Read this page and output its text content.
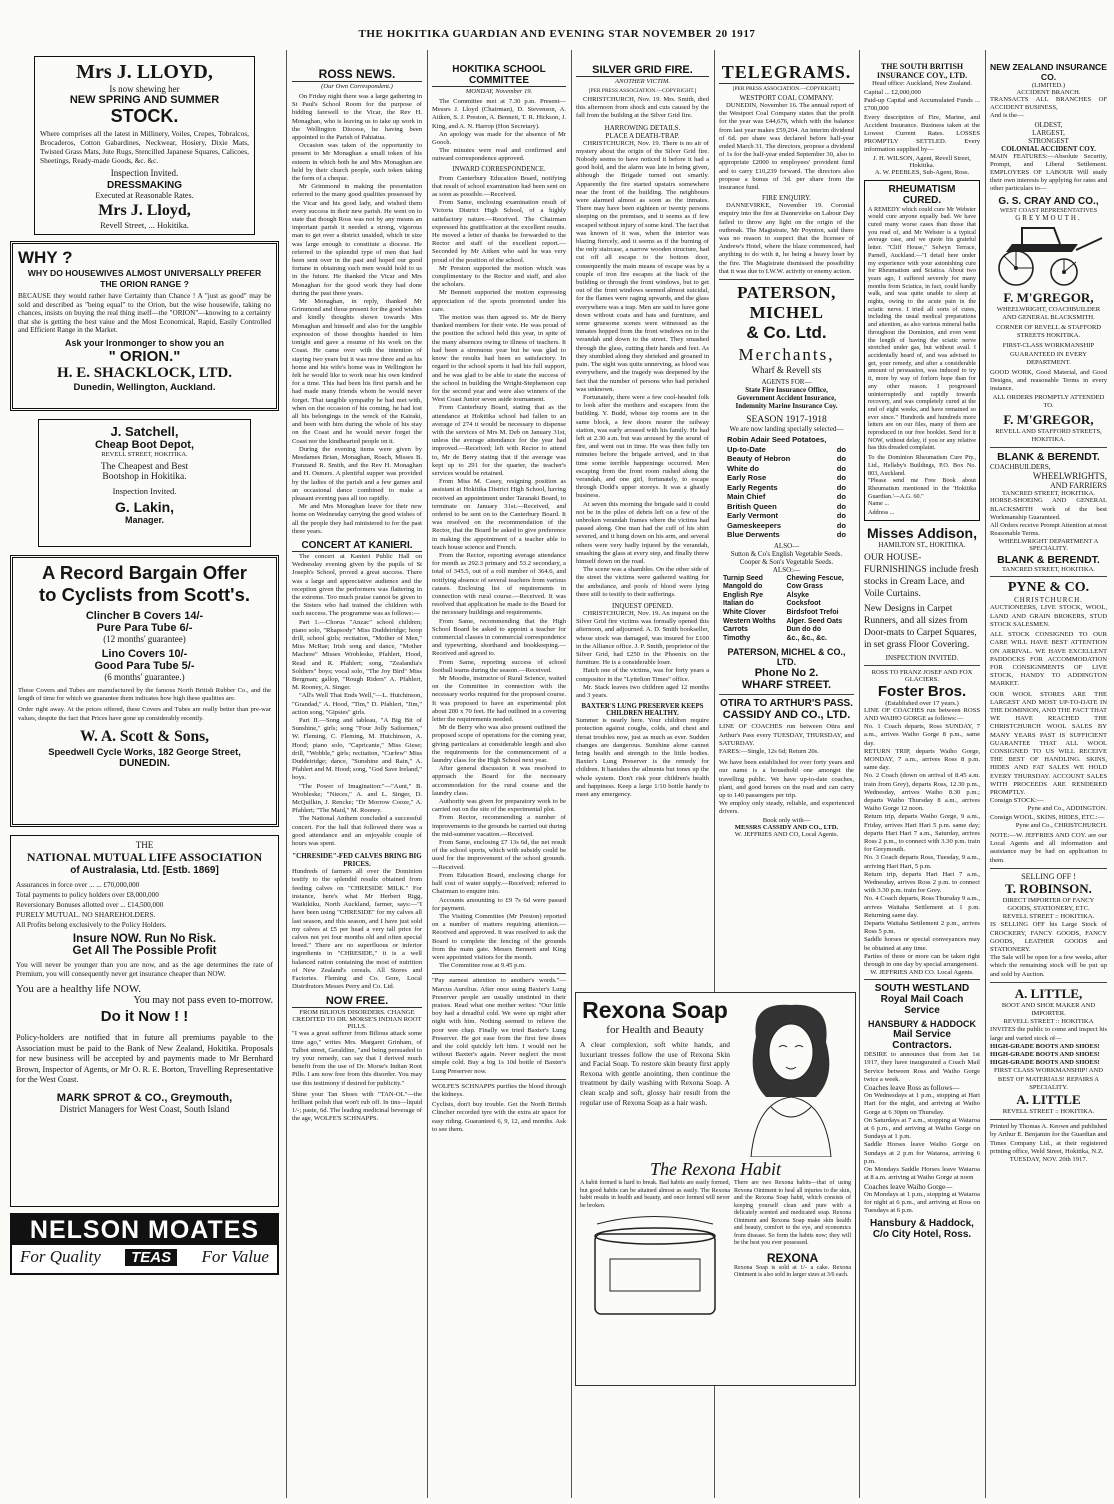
THE HOKITIKA GUARDIAN AND EVENING STAR NOVEMBER 20 1917
Mrs J. LLOYD,
Is now shewing her
NEW SPRING AND SUMMER
STOCK.
Where comprises all the latest in Millinery, Voiles, Crepes, Tobralcos, Brocaderos, Cotton Gabardines, Neckwear, Hosiery, Dixie Mats, Twisted Grass Mats, Jute Rugs, Stencilled Japanese Squares, Calicoes, Sheetings, Ready-made Goods, &c. &c.
Inspection Invited.
DRESSMAKING
Executed at Reasonable Rates.
Mrs J. Lloyd,
Revell Street, ... Hokitika.
WHY ?
WHY DO HOUSEWIVES ALMOST UNIVERSALLY PREFER THE ORION RANGE ?
BECAUSE they would rather have Certainty than Chance ! A "just as good" may be sold and described as "being equal" to the Orion, but the wise housewife, taking no chances, insists on buying the real thing itself—the "ORION"—knowing to a certainty that she is getting the best vaiue and the Most Economical, Rapid, Easily Controlled and Efficient Range in the Market.
Ask your Ironmonger to show you an
" ORION."
H. E. SHACKLOCK, LTD.
Dunedin, Wellington, Auckland.
J. Satchell,
Cheap Boot Depot,
REVELL STREET, HOKITIKA.
The Cheapest and Best
Bootshop in Hokitika.
Inspection Invited.
G. Lakin,
Manager.
A Record Bargain Offer
to Cyclists from Scott's.
Clincher B Covers 14/-
Pure Para Tube 6/-
(12 months' guarantee)
Lino Covers 10/-
Good Para Tube 5/-
(6 months' guarantee.)
These Covers and Tubes are manufactured by the famous North British Rubber Co., and the length of time for which we guarantee them indicates how high these qualities are.
Order right away. At the prices offered, these Covers and Tubes are really better than pre-war values, despite the fact that Prices have gone up considerably recently.
W. A. Scott & Sons,
Speedwell Cycle Works, 182 George Street,
DUNEDIN.
THE
NATIONAL MUTUAL LIFE ASSOCIATION
of Australasia, Ltd. [Estb. 1869]
Assurances in force over ... ... £70,000,000
Total payments to policy holders over £8,000,000
Reversionary Bonuses allotted over ... £14,500,000
PURELY MUTUAL. NO SHAREHOLDERS.
All Profits belong exclusively to the Policy Holders.
Insure NOW. Run No Risk.
Get All The Possible Profit
You will never be younger than you are now, and as the age determines the rate of Premium, you will consequently never get insurance cheaper than NOW.
You are a healthy life NOW.
You may not pass even to-morrow.
Do it Now ! !
Policy-holders are notified that in future all premiums payable to the Association must be paid to the Bank of New Zealand, Hokitika. Proposals for new business will be accepted by and payments made to Mr Bernhard Brown, Inspector of Agents, or Mr O. R. E. Borton, Travelling Representative for the West Coast.
MARK SPROT & CO., Greymouth,
District Managers for West Coast, South Island
NELSON MOATES
For Quality	TEAS	For Value
ROSS NEWS.
(Our Own Correspondent.)

On Friday night there was a large gathering in St Paul's School Room for the purpose of bidding farewell to the Vicar, the Rev H. Monaghan, who is leaving us to take up work in the Wellington Diocese, he having been appointed to the Parish of Pahiatua.

Occasion was taken of the opportunity to present to Mr Monaghan a small token of his esteem in which both he and Mrs Monaghan are held by their church people, such token taking the form of a cheque.

Mr Grimmond in making the presentation referred to the many good qualities possessed by the Vicar and his good lady, and wished them every success in their new parish. He went on to state that though Ross was not by any means an important parish it needed a strong, vigorous man to get over a district unaided, which in size was large enough to constitute a diocese. He referred to the splendid type of men that had been sent over in the past and hoped our good fortune in obtaining such men would hold to us in the future. He thanked the Vicar and Mrs Monaghan for the good work they had done during the past three years.

Mr Monaghan, in reply, thanked Mr Grimmond and those present for the good wishes and kindly thoughts shown towards Mrs Monaghan and himself and also for the tangible expression of those thoughts handed to him tonight and gave a resume of his work on the Coast. He came over with the intention of staying two years but it was now three and as his home and his wife's home was in Wellington he felt he would like to work near his own kindred for a time. This had been his first parish and he had made many friends whom he would never forget. That tangible sympathy he had met with, when on the occasion of his coming, he had lost all his belongings in the wreck of the Kairaki, and been with him during the whole of his stay on the Coast and he would never forget the Coast nor the kindhearted people on it.

During the evening items were given by Mesdames Brian, Monaghan, Roach, Misses B. Franzand R. Smith, and the Rev H. Monaghan and H. Osmers. A plentiful supper was provided by the ladies of the parish and a few games and an occasional dance combined to make a pleasant evening pass all too rapidly.

Mr and Mrs Monaghan leave for their new home on Wednesday carrying the good wishes of all the people they had ministered to for the past three years.

CONCERT AT KANIERI.

The concert at Kanieri Public Hall on Wednesday evening given by the pupils of St Joseph's School, proved a great success. There was a large and appreciative audience and the reception given the performers was flattering in the extreme. Too much praise cannot be given to the Sisters who had trained the children with such success. The programme was as follows:—

Part 1.—Chorus "Anzac" school children; piano solo, "Rhapsody" Miss Duddeiridge; hoop drill, school girls; recitation, "Mother of Men," Miss McRae; Irish song and dance, "Mother Machree" Misses Wrobleske, Pfahlert, Hood, Read and R. Pfahlert; song, "Zealandia's Soldiers" boys; vocal solo, "The Joy Bird" Miss Bergman; gallop, "Rough Riders" A. Pfahlert, M. Rooney, A. Singer.

"All's Well That Ends Well,"—L. Hutchinson, "Grandad," A. Hood, "Tim," D. Pfahlert, "Jim," action song, "Gipsies" girls.

Part II.—Song and tableau, "A Big Bit of Sunshine," girls; song "Four Jolly Sailormen," W. Fleming, C. Fleming, M. Hutchinson, A. Hood; piano solo, "Capricante," Miss Giese; drill, "Wobble," girls; recitation, "Curfew" Miss Duddeiridge; dance, "Sunshine and Rain," A. Pfahlert and M. Hood; song, "God Save Ireland," boys.

"The Power of Imagination:"—"Aunt," B. Wrobleske; "Nieces," A. and L. Singer, D. McQuilkin, J. Rencke; "Dr Morrow Cooze," A. Pfahlert; "The Maid," M. Rooney.

The National Anthem concluded a successful concert. For the ball that followed there was a good attendance and an enjoyable couple of hours was spent.

"CHRESIDE"-FED CALVES BRING BIG PRICES.
Hundreds of farmers all over the Dominion testify to the splendid results obtained from feeding calves on "CHRESIDE MILK." For instance, here's what Mr Herbert Rigg, Waikikiku, North Auckland, farmer, says:—"I have been using "CHRESIDE" for my calves all last season, and this season, and I have just sold my calves at £5 per head a very tall price for calves not yet four months old and often special breed." There are no superfluous or inferior ingredients in "CHRESIDE," it is a well balanced ration containing the most of nutrition of New Zealand's cereals. All Stores and Factories. Fleming and Co. Gore, Local Distributors Messrs Perry and Co. Ltd.
NOW FREE.
FROM BILIOUS DISORDERS. CHANGE CREDITED TO DR. MORSE'S INDIAN ROOT PILLS.
"I was a great sufferer from Bilious attack some time ago," writes Mrs. Margaret Grinham, of Talbot street, Geraldine, "and being persuaded to try your remedy, can say that I derived much benefit from the use of Dr. Morse's Indian Root Pills. I am now free from this disorder. You may use this testimony if desired for publicity."
Shine your Tan Shoes with "TAN-OL"—the brilliant polish that won't rub off. In tins—liquid 1/-; paste, 6d. The leading medicinal beverage of the age, WOLFE'S SCHNAPPS.
HOKITIKA SCHOOL COMMITTEE
MONDAY, November 19.

The Committee met at 7.30 p.m. Present—Messrs J. Lloyd (Chairman), D. Stevenson, A. Aitken, S. J. Preston, A. Bennett, T. R. Hickson, J. King, and A. N. Harrop (Hon Secretary).

An apology was made for the absence of Mr Gooch.

The minutes were read and confirmed and outward correspondence approved.

INWARD CORRESPONDENCE.

From Canterbury Education Board, notifying that result of school examination had been sent on as soon as possible.—Received.

From Same, enclosing examination result of Victoria District High School, of a highly satisfactory nature.—Received. The Chairman expressed his gratification at the excellent results. He moved a letter of thanks be forwarded to the Rector and staff of the excellent report.—Seconded by Mr Aitken who said he was very proud of the position of the school.

Mr Preston supported the motion which was complimentary to the Rector and staff, and also the scholars.

Mr Bennett supported the motion expressing appreciation of the sports promoted under his care.

The motion was then agreed to. Mr de Berry thanked members for their vote. He was proud of the position the school held this year, in spite of the many absences owing to illness of teachers. It had been a strenuous year but he was glad to know the results had been so satisfactory. In regard to the school sports it had his full support, and he was glad to be able to state the success of the school in building the Wright-Stephenson cup for the second year and were also winners of the West Coast Junior seven aside tournament.

From Canterbury Board, stating that as the attendance at Hokitika school had fallen to an average of 274 it would be necessary to dispense with the services of Mrs M. Deb on January 31st, unless the average attendance for the year had improved.—Received; left with Rector to attend to, Mr de Berry stating that if the average was kept up to 291 for the quarter, the teacher's services would be retained.

From Miss M. Casey, resigning position as assistant at Hokitika District High School, having received an appointment under Taranaki Board, to terminate on January 31st.—Received, and ordered to be sent on to the Canterbury Board. It was resolved on the recommendation of the Rector, that the Board be asked to give preference in making the appointment of a teacher able to teach house science and French.

From the Rector, reporting average attendance for month as 292.3 primary and 53.2 secondary, a total of 345.5, out of a roll number of 364.6, and notifying absence of several teachers from various causes. Enclosing list of requirements in connection with rural course.—Received. It was resolved that application be made to the Board for the necessary buildings and requirements.

From Same, recommending that the High School Board be asked to appoint a teacher for commercial classes in commercial correspondence and typewriting, shorthand and bookkeeping.—Received and agreed to.

From Same, reporting success of school football teams during the season.—Received.

Mr Moodie, instructor of Rural Science, waited on the Committee in connection with the necessary works required for the proposed course. It was proposed to have an experimental plot about 200 x 70 feet. He had outlined in a covering letter the requirements needed.

Mr de Berry who was also present outlined the proposed scope of operations for the coming year, giving particulars at considerable length and also the requirements for the commencement of a laundry class for the High School next year.

After general discussion it was resolved to approach the Board for the necessary accommodation for the rural course and the laundry class.

Authority was given for preparatory work to be carried out on the site of the experimental plot.

From Rector, recommending a number of improvements to the grounds be carried out during the mid-summer vacation.—Received.

From Same, enclosing £7 13s 6d, the net result of the school sports, which with subsidy could be used for the improvement of the school grounds.—Received.

From Education Board, enclosing charge for half cost of water supply.—Received; referred to Chairman to enquire into.

Accounts amounting to £9 7s 6d were passed for payment.

The Visiting Committee (Mr Preston) reported on a number of matters requiring attention.—Received and approved. It was resolved to ask the Board to complete the fencing of the grounds from the main gate. Messrs Bennett and King were appointed visitors for the month.

The Committee rose at 9.45 p.m.

"Pay earnest attention to another's words."—Marcus Aurelius. After once using Baxter's Lung Preserver people are usually unstinted in their praises. Read what one mother writes: "Our little boy had a dreadful cold. We were up night after night with him. Nothing seemed to relieve the poor wee chap. Finally we tried Baxter's Lung Preserver. He got ease from the first few doses and the cold quickly left him. I would not be without Baxter's again. Never neglect the most simple cold. Buy a big 1s 10d bottle of Baxter's Lung Preserver now.
WOLFE'S SCHNAPPS purifies the blood through the kidneys.
Cyclists, don't buy trouble. Get the North British Clincher recorded tyre with the extra air space for easy riding. Guaranteed 6, 9, 12, and months. Ask to see them.
SILVER GRID FIRE.
ANOTHER VICTIM.
[PER PRESS ASSOCIATION.—COPYRIGHT.]

CHRISTCHURCH, Nov. 19. Mrs. Smith, died this afternoon from shock and cuts caused by the fall from the building at the Silver Grid fire.

HARROWING DETAILS.
PLACE A DEATH-TRAP.

CHRISTCHURCH, Nov. 19. There is no air of mystery about the origin of the Silver Grid fire. Nobody seems to have noticed it before it had a good hold, and the alarm was late in being given, although the Brigade turned out smartly. Apparently the fire started upstairs somewhere near the front of the building. The neighbours were alarmed almost as soon as the inmates. There may have been eighteen or twenty persons sleeping on the premises, and it seems as if few escaped without injury of some kind. The fact that was known of it was, when the interior was blazing fiercely, and it seems as if the burning of the only staircase, a narrow wooden structure, had cut off all escape to the bottom door, consequently the main means of escape was by a couple of iron fire escapes at the back of the building or through the front windows, but to get out of the front windows seemed almost suicidal, for the flames were raging upwards, and the glass everywhere was a trap. Men are said to have gone down without coats and hats and furniture, and some gruesome scenes were witnessed as the inmates hopped from the front windows on to the verandah and down to the street. They smashed through the glass, cutting their hands and feet. As they stumbled along they shrieked and groaned in pain. The sight was quite unnerving, as blood was everywhere, and the tragedy was deepened by the fact that the number of persons who had perished was unknown.

Fortunately, there were a few cool-headed folk to look after the mothers and escapers from the building. Y. Budd, whose top rooms are in the same block, a few doors nearer the railway station, was early aroused with his family. He had left at 2.30 a.m. but was aroused by the sound of fire, and went out in time. He was then fully ten minutes before the brigade arrived, and in that time some terrible happenings occurred. Men escaping from the front room rushed along the verandah, and one girl, fortunately, to escape through Dodd's upper storeys. It was a ghastly business.

At seven this morning the brigade said it could not be in the piles of debris left on a few of the unbroken verandah frames where the victims had passed along. One man had the cuff of his shirt severed, and it hung down on his arm, and several others were very badly injured by the verandah, smashing the glass at every step, and finally threw himself down on the road.

The scene was a shambles. On the other side of the street the victims were gathered waiting for the ambulance, and pools of blood were lying there still to testify to their sufferings.

INQUEST OPENED.

CHRISTCHURCH, Nov. 19. An inquest on the Silver Grid fire victims was formally opened this afternoon, and adjourned. A. D. Smith bookseller, whose stock was damaged, was insured for £100 in the Alliance office. J. P. Smith, proprietor of the Silver Grid, had £250 in the Phoenix on the furniture. He is a considerable loser.

Hatch one of the victims, was for forty years a compositor in the "Lyttelton Times" office.

Mr. Stack leaves two children aged 12 months and 3 years.

BAXTER'S LUNG PRESERVER KEEPS CHILDREN HEALTHY.
Summer is nearly here. Your children require protection against coughs, colds, and chest and throat troubles now, just as much as ever. Sudden changes are dangerous. Sunshine alone cannot bring health and strength to the little bodies. Baxter's Lung Preserver is the remedy for children. It banishes the ailments but tones up the whole system. Don't risk your children's health and happiness. Keep a large 1/10 bottle handy to meet any emergency.
TELEGRAMS.
[PER PRESS ASSOCIATION.—COPYRIGHT.]
WESTPORT COAL COMPANY.

DUNEDIN, November 16. The annual report of the Westport Coal Company states that the profit for the year was £44,676, which with the balance from last year makes £59,204. An interim dividend of 6d. per share was declared before half-year ended March 31. The directors, propose a dividend of 1s for the half-year ended September 30, also to appropriate £2000 to employees' provident fund and to carry £10,239 forward. The directors also propose a bonus of 3d. per share from the insurance fund.

FIRE ENQUIRY.

DANNEVIRKE, November 19. Coronial enquiry into the fire at Dannevirke on Labour Day failed to throw any light on the origin of the outbreak. The Magistrate, Mr Poynton, said there was no reason to suspect that the licensee of Andrew's Hotel, where the blaze commenced, had anything to do with it, he being a heavy loser by the fire. The Magistrate dismissed the possibility that it was due to I.W.W. activity or enemy action.

PATERSON, MICHEL
& Co. Ltd.
Merchants,
Wharf & Revell sts
AGENTS FOR—
State Fire Insurance Office,
Government Accident Insurance,
Indemnity Marine Insurance Coy.
SEASON 1917-1918
We are now landing specially selected—
Robin Adair Seed Potatoes,
Up-to-Date	do
Beauty of Hebron	do
White do	do
Early Rose	do
Early Regents	do
Main Chief	do
British Queen	do
Early Vermont	do
Gameskeepers	do
Blue Derwents	do
ALSO—
Sutton & Co's English Vegetable Seeds.
Cooper & Son's Vegetable Seeds.
ALSO:—
Turnip Seed	Chewing Fescue,
Mangold do	Cow Grass
English Rye	Alsyke
Italian do	Cocksfoot
White Clover	Birdsfoot Trefoi
Western Wolths	Alger. Seed Oats
Carrots	Dun do do
Timothy	&c., &c., &c.
PATERSON, MICHEL & CO., LTD.
Phone No 2.
WHARF STREET.
OTIRA TO ARTHUR'S PASS.
CASSIDY AND CO., LTD.
LINE OF COACHES run between Otira and Arthur's Pass every TUESDAY, THURSDAY, and SATURDAY.
FARES:—Single, 12s 6d; Return 20s.
We have been established for over forty years and our name is a household one amongst the travelling public. We have up-to-date coaches, plant, and good horses on the road and can carry up to 140 passengers per trip.
We employ only steady, reliable, and experienced drivers.
Book only with—
MESSRS CASSIDY AND CO., LTD.
W. JEFFRIES AND CO, Local Agents.
Rexona Soap
for Health and Beauty
A clear complexion, soft white hands, and luxuriant tresses follow the use of Rexona Skin and Facial Soap. To restore skin beauty first apply Rexona with gentle anointing, then continue the treatment by daily washing with Rexona Soap. A clean scalp and soft, glossy hair result from the regular use of Rexona Soap as a hair wash.
The Rexona Habit
A habit formed is hard to break. Bad habits are easily formed, but good habits can be attained almost as easily. The Rexona habit results in health and beauty, and once formed will never be broken.
There are two Rexona habits—that of using Rexona Ointment to heal all injuries to the skin, and the Rexona Soap habit, which consists of keeping yourself clean and pure with a delicately scented and medicated soap. Rexona Ointment and Rexona Soap make skin health and beauty, comfort to the eye, and economics from disease. So form the habits now; they will be the best you ever possessed.
REXONA
Rexona Soap is sold at 1/- a cake. Rexona Ointment is also sold in larger sizes at 3/6 each.
THE SOUTH BRITISH INSURANCE COY., LTD.
Head office: Auckland, New Zealand.
Capital ... £2,000,000
Paid-up Capital and Accumulated Funds ... £700,000
Every description of Fire, Marine, and Accident Insurance. Business taken at the Lowest Current Rates. LOSSES PROMPTLY SETTLED. Every information supplied by—
J. H. WILSON, Agent, Revell Street, Hokitika.
A. W. PEEBLES, Sub-Agent, Ross.
RHEUMATISM CURED.
A REMEDY which could cure Mr Webster would cure anyone equally bad. We have cured many worse cases than those that you read of, and Mr Webster is a typical average case, and we quote his grateful letter. "Cliff House," Selwyn Terrace, Parnell, Auckland.—"I detail here under my experience with your astonishing cure for Rheumatism and Sciatica. About two years ago, I suffered severely for many months from Sciatica, in fact, could hardly walk, and was quite unable to sleep at nights, owing to the acute pain in the sciatic nerve. I tried all sorts of cures, including the usual medical preparations and attention, as also various mineral baths throughout the Dominion, and even went the length of having the sciatic nerve stretched under gas, but without avail. I accidentally heard of, and was advised to get, your remedy, and after a considerable amount of persuasion, was induced to try it, more by way of forlorn hope than for any other reason. I progressed uninterruptedly and rapidly towards recovery, and was completely cured at the end of eight weeks, and have remained so ever since." Hundreds and hundreds more letters are on our files, many of them are reproduced in our free booklet. Send for it NOW, without delay, if you or any relative has this dreaded complaint.
To the Dominion Rheumatism Cure Pty., Ltd., Hellaby's Buildings, P.O. Box No. 803, Auckland.
"Please send me Free Book about Rheumatism mentioned in the 'Hokitika Guardian.'—A.G. 60."
Name ...
Address ...
Misses Addison,
HAMILTON ST., HOKITIKA.
OUR HOUSE-FURNISHINGS include fresh stocks in Cream Lace, and Voile Curtains.
New Designs in Carpet Runners, and all sizes from Door-mats to Carpet Squares, in set grass Floor Covering.
INSPECTION INVITED.
ROSS TO FRANZ JOSEF AND FOX GLACIERS.
Foster Bros.
(Established over 17 years.)
LINE OF COACHES run between ROSS AND WAIHO GORGE as follows:—
No. 1 Coach departs, Ross SUNDAY, 7 a.m., arrives Waiho Gorge 8 p.m., same day.
RETURN TRIP, departs Waiho Gorge, MONDAY, 7 a.m., arrives Ross 8 p.m. same day.
No. 2 Coach (down on arrival of 8.45 a.m. train from Grey), departs Ross, 12.30 p.m., Wednesday, arrives Waiho 8.30 p.m.; departs Waiho Thursday 8 a.m., arrives Waiho Gorge 12 noon.
Return trip, departs Waiho Gorge, 9 a.m., Friday, arrives Hari Hari 5 p.m. same day; departs Hari Hari 7 a.m., Saturday, arrives Ross 2 p.m., to connect with 3.30 p.m. train for Greymouth.
No. 3 Coach departs Ross, Tuesday, 9 a.m., arriving Hari Hari, 5 p.m.
Return trip, departs Hari Hari 7 a.m., Wednesday, arrives Ross 2 p.m. to connect with 3.30 p.m. train for Grey.
No. 4 Coach departs, Ross Thursday 9 a.m., arrives Waitaha Settlement at 1 p.m. Returning same day.
Departs Waitaha Settlement 2 p.m., arrives Ross 5 p.m.
Saddle horses or special conveyances may be obtained at any time.
Parties of three or more can be taken right through in one day by special arrangement.
W. JEFFRIES AND CO. Local Agents.
SOUTH WESTLAND
Royal Mail Coach Service
HANSBURY & HADDOCK
Mail Service
Contractors.
DESIRE to announce that from Jan 1st 1917, they have inaugurated a Coach Mail Service between Ross and Waiho Gorge twice a week.
Coaches leave Ross as follows—
On Wednesdays at 1 p.m., stopping at Hari Hari for the night, and arriving at Waiho Gorge at 6 30pm on Thursday.
On Saturdays at 7 a.m., stopping at Wataroa at 6 p.m., and arriving at Waiho Gorge on Sundays at 1 p.m.
Saddle Horses leave Waiho Gorge on Sundays at 2 p.m for Wataroa, arriving 6 p.m.
On Mondays Saddle Horses leave Wataroa at 8 a.m. arriving at Waiho Gorge at noon
Coaches leave Waiho Gorge—
On Mondays at 1 p.m., stopping at Wataroa for night at 6 p.m., and arriving at Ross on Tuesdays at 6 p.m.
Hansbury & Haddock,
C/o City Hotel, Ross.
NEW ZEALAND INSURANCE CO.
(LIMITED.)
ACCIDENT BRANCH.
TRANSACTS ALL BRANCHES OF ACCIDENT BUSINESS,
And is the—
OLDEST,
LARGEST,
STRONGEST
COLONIAL ACCIDENT COY.
MAIN FEATURES:—Absolute Security, Prompt, and Liberal Settlement. EMPLOYERS OF LABOUR Will study their own interests by applying for rates and other particulars to—
G. S. CRAY AND CO.,
WEST COAST REPRESENTATIVES
GREYMOUTH.
F. M'GREGOR,
WHEELWRIGHT, COACHBUILDER AND GENERAL BLACKSMITH.
CORNER OF REVELL & STAFFORD STREETS HOKITIKA.
FIRST-CLASS WORKMANSHIP GUARANTEED IN EVERY DEPARTMENT.
GOOD WORK, Good Material, and Good Designs, and reasonable Terms in every instance.
ALL ORDERS PROMPTLY ATTENDED TO.
F. M'GREGOR,
REVELL AND STAFFORD STREETS, HOKITIKA.
BLANK & BERENDT.
COACHBUILDERS,
WHEELWRIGHTS,
AND FARRIERS
TANCRED STREET, HOKITIKA.
HORSE-SHOEING AND GENERAL BLACKSMITH work of the best Workmanship Guaranteed.
All Orders receive Prompt Attention at most Reasonable Terms.
WHEELWRIGHT DEPARTMENT A SPECIALITY.
BLANK & BERENDT.
TANCRED STREET, HOKITIKA.
PYNE & CO.
CHRISTCHURCH.
AUCTIONEERS, LIVE STOCK, WOOL, LAND AND GRAIN BROKERS, STUD STOCK SALESMEN.
ALL STOCK CONSIGNED TO OUR CARE WILL HAVE BEST ATTENTION ON ARRIVAL. WE HAVE EXCELLENT PADDOCKS FOR ACCOMMODATION FOR CONSIGNMENTS OF LIVE STOCK, HANDY TO ADDINGTON MARKET.
OUR WOOL STORES ARE THE LARGEST AND MOST UP-TO-DATE IN THE DOMINION, AND THE FACT THAT WE HAVE REACHED THE CHRISTCHURCH WOOL SALES BY MANY YEARS PAST IS SUFFICIENT GUARANTEE THAT ALL WOOL CONSIGNED TO US WILL RECEIVE THE BEST OF HANDLING. SKINS, HIDES AND FAT SALES WE HOLD EVERY THURSDAY. ACCOUNT SALES WITH PROCEEDS ARE RENDERED PROMPTLY.
Consign STOCK:—
Pyne and Co., ADDINGTON.
Consign WOOL, SKINS, HIDES, ETC.:—
Pyne and Co., CHRISTCHURCH.
NOTE:—W. JEFFRIES AND COY. are our Local Agents and all information and assistance may be had on application to them.
SELLING OFF !
T. ROBINSON.
DIRECT IMPORTER OF FANCY GOODS, STATIONERY, ETC.
REVELL STREET :: HOKITIKA.
IS SELLING OFF his Large Stock of CROCKERY, FANCY GOODS, FANCY GOODS, LEATHER GOODS and STATIONERY.
The Sale will be open for a few weeks, after which the remaining stock will be put up and sold by Auction.
A. LITTLE,
BOOT AND SHOE MAKER AND IMPORTER.
REVELL STREET :: HOKITIKA
INVITES the public to come and inspect his large and varied stock of—
HIGH-GRADE BOOTS AND SHOES!
HIGH-GRADE BOOTS AND SHOES!
HIGH-GRADE BOOTS AND SHOES!
FIRST CLASS WORKMANSHIP! AND BEST OF MATERIALS! REPAIRS A SPECIALITY.
A. LITTLE
REVELL STREET :: HOKITIKA.
Printed by Thomas A. Keown and published by Arthur E. Benjamin for the Guardian and Times Company Ltd., at their registered printing office, Weld Street, Hokitika, N.Z.
TUESDAY, NOV. 20th 1917.
